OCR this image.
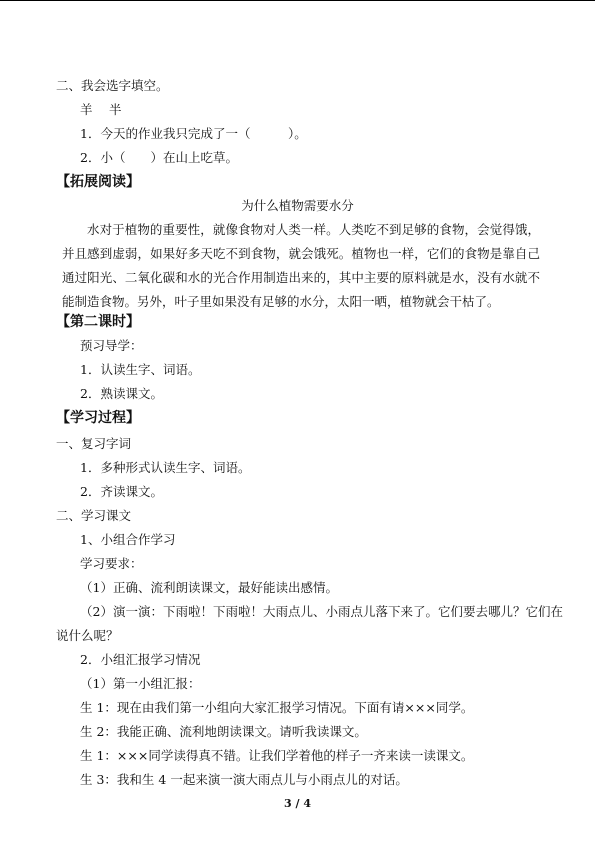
二、我会选字填空。
羊　 半
1．今天的作业我只完成了一（　　　）。
2．小（　　）在山上吃草。
【拓展阅读】
为什么植物需要水分
水对于植物的重要性，就像食物对人类一样。人类吃不到足够的食物，会觉得饿，并且感到虚弱，如果好多天吃不到食物，就会饿死。植物也一样，它们的食物是靠自己通过阳光、二氧化碳和水的光合作用制造出来的，其中主要的原料就是水，没有水就不能制造食物。另外，叶子里如果没有足够的水分，太阳一晒，植物就会干枯了。
【第二课时】
预习导学：
1．认读生字、词语。
2．熟读课文。
【学习过程】
一、复习字词
1．多种形式认读生字、词语。
2．齐读课文。
二、学习课文
1、小组合作学习
学习要求：
（1）正确、流利朗读课文，最好能读出感情。
（2）演一演：下雨啦！下雨啦！大雨点儿、小雨点儿落下来了。它们要去哪儿？它们在
说什么呢？
2．小组汇报学习情况
（1）第一小组汇报：
生 1：现在由我们第一小组向大家汇报学习情况。下面有请×××同学。
生 2：我能正确、流利地朗读课文。请听我读课文。
生 1：×××同学读得真不错。让我们学着他的样子一齐来读一读课文。
生 3：我和生 4 一起来演一演大雨点儿与小雨点儿的对话。
3 / 4
